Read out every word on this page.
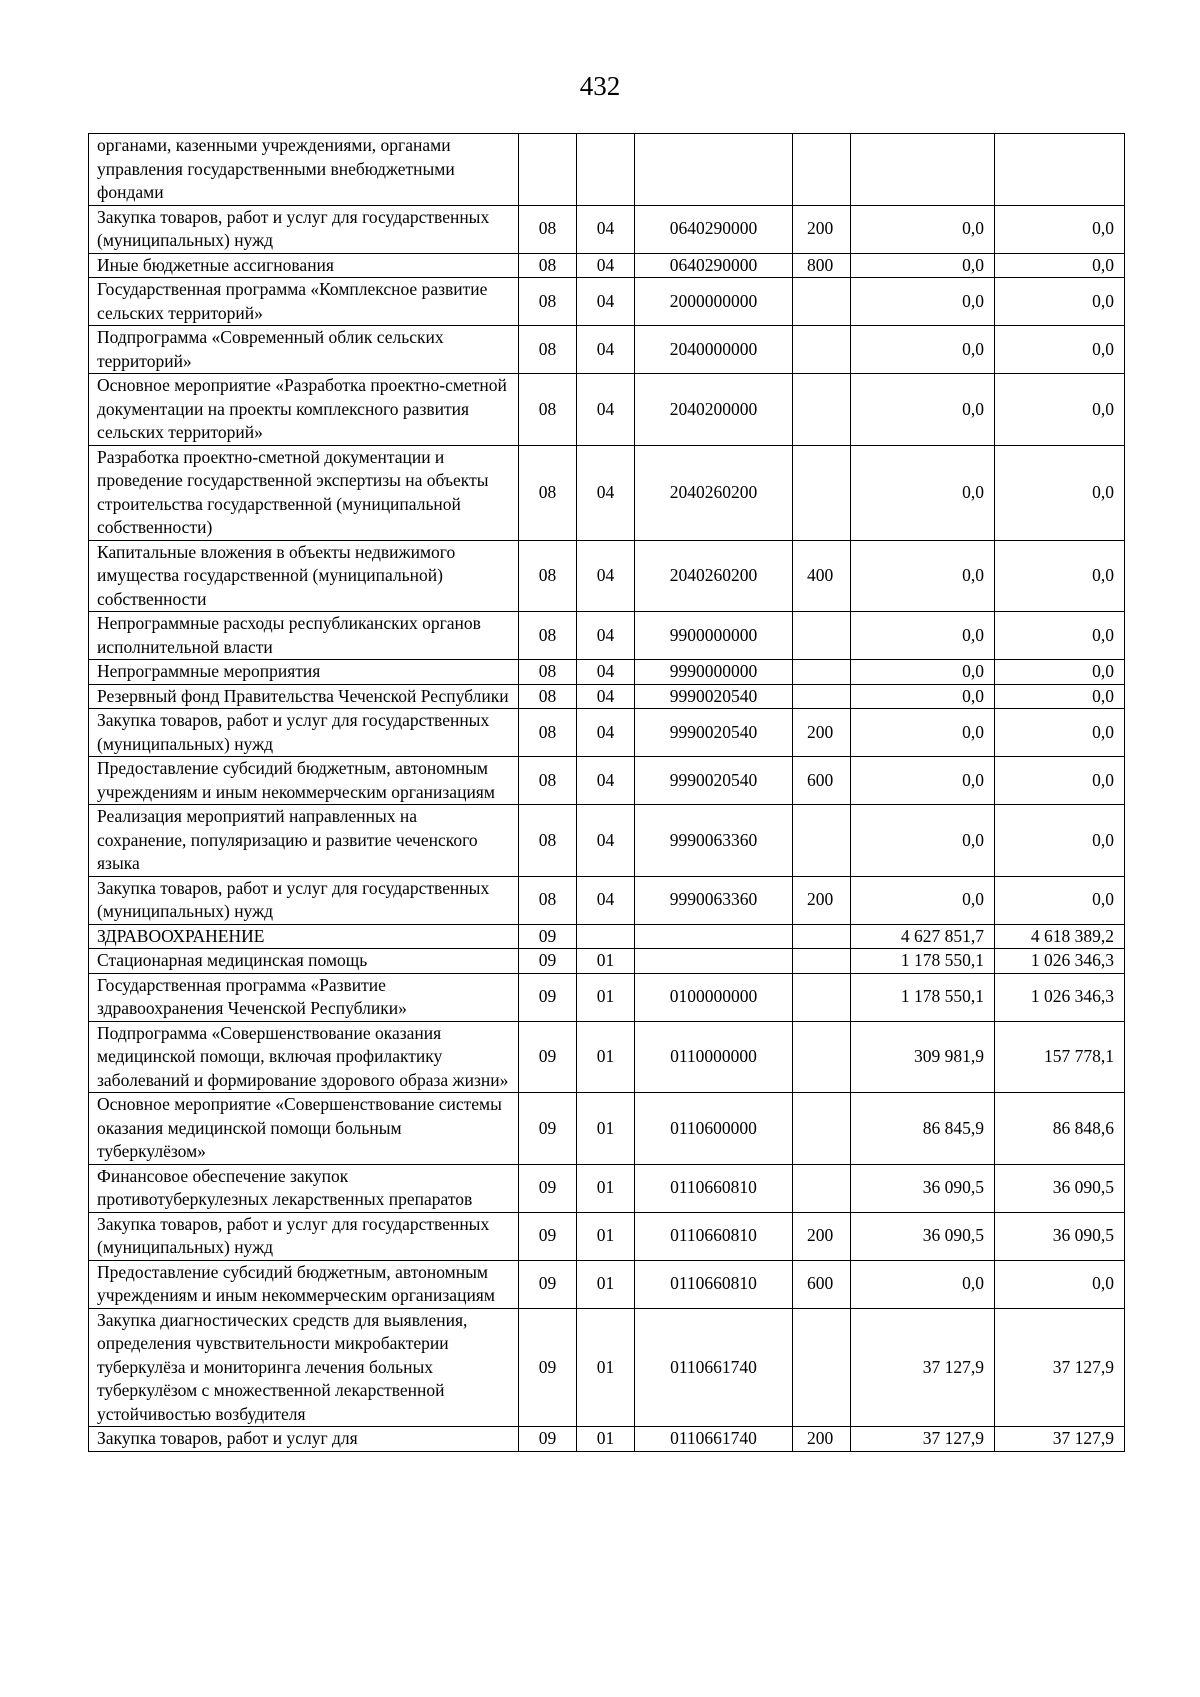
432
органами, казенными учреждениями, органами управления государственными внебюджетными фондами						
Закупка товаров, работ и услуг для государственных (муниципальных) нужд	08	04	0640290000	200	0,0	0,0
Иные бюджетные ассигнования	08	04	0640290000	800	0,0	0,0
Государственная программа «Комплексное развитие сельских территорий»	08	04	2000000000		0,0	0,0
Подпрограмма «Современный облик сельских территорий»	08	04	2040000000		0,0	0,0
Основное мероприятие «Разработка проектно-сметной документации на проекты комплексного развития сельских территорий»	08	04	2040200000		0,0	0,0
Разработка проектно-сметной документации и проведение государственной экспертизы на объекты строительства государственной (муниципальной собственности)	08	04	2040260200		0,0	0,0
Капитальные вложения в объекты недвижимого имущества государственной (муниципальной) собственности	08	04	2040260200	400	0,0	0,0
Непрограммные расходы республиканских органов исполнительной власти	08	04	9900000000		0,0	0,0
Непрограммные мероприятия	08	04	9990000000		0,0	0,0
Резервный фонд Правительства Чеченской Республики	08	04	9990020540		0,0	0,0
Закупка товаров, работ и услуг для государственных (муниципальных) нужд	08	04	9990020540	200	0,0	0,0
Предоставление субсидий бюджетным, автономным учреждениям и иным некоммерческим организациям	08	04	9990020540	600	0,0	0,0
Реализация мероприятий направленных на сохранение, популяризацию и развитие чеченского языка	08	04	9990063360		0,0	0,0
Закупка товаров, работ и услуг для государственных (муниципальных) нужд	08	04	9990063360	200	0,0	0,0
ЗДРАВООХРАНЕНИЕ	09				4 627 851,7	4 618 389,2
Стационарная медицинская помощь	09	01			1 178 550,1	1 026 346,3
Государственная программа «Развитие здравоохранения Чеченской Республики»	09	01	0100000000		1 178 550,1	1 026 346,3
Подпрограмма «Совершенствование оказания медицинской помощи, включая профилактику заболеваний и формирование здорового образа жизни»	09	01	0110000000		309 981,9	157 778,1
Основное мероприятие «Совершенствование системы оказания медицинской помощи больным туберкулёзом»	09	01	0110600000		86 845,9	86 848,6
Финансовое обеспечение закупок противотуберкулезных лекарственных препаратов	09	01	0110660810		36 090,5	36 090,5
Закупка товаров, работ и услуг для государственных (муниципальных) нужд	09	01	0110660810	200	36 090,5	36 090,5
Предоставление субсидий бюджетным, автономным учреждениям и иным некоммерческим организациям	09	01	0110660810	600	0,0	0,0
Закупка диагностических средств для выявления, определения чувствительности микробактерии туберкулёза и мониторинга лечения больных туберкулёзом с множественной лекарственной устойчивостью возбудителя	09	01	0110661740		37 127,9	37 127,9
Закупка товаров, работ и услуг для	09	01	0110661740	200	37 127,9	37 127,9
